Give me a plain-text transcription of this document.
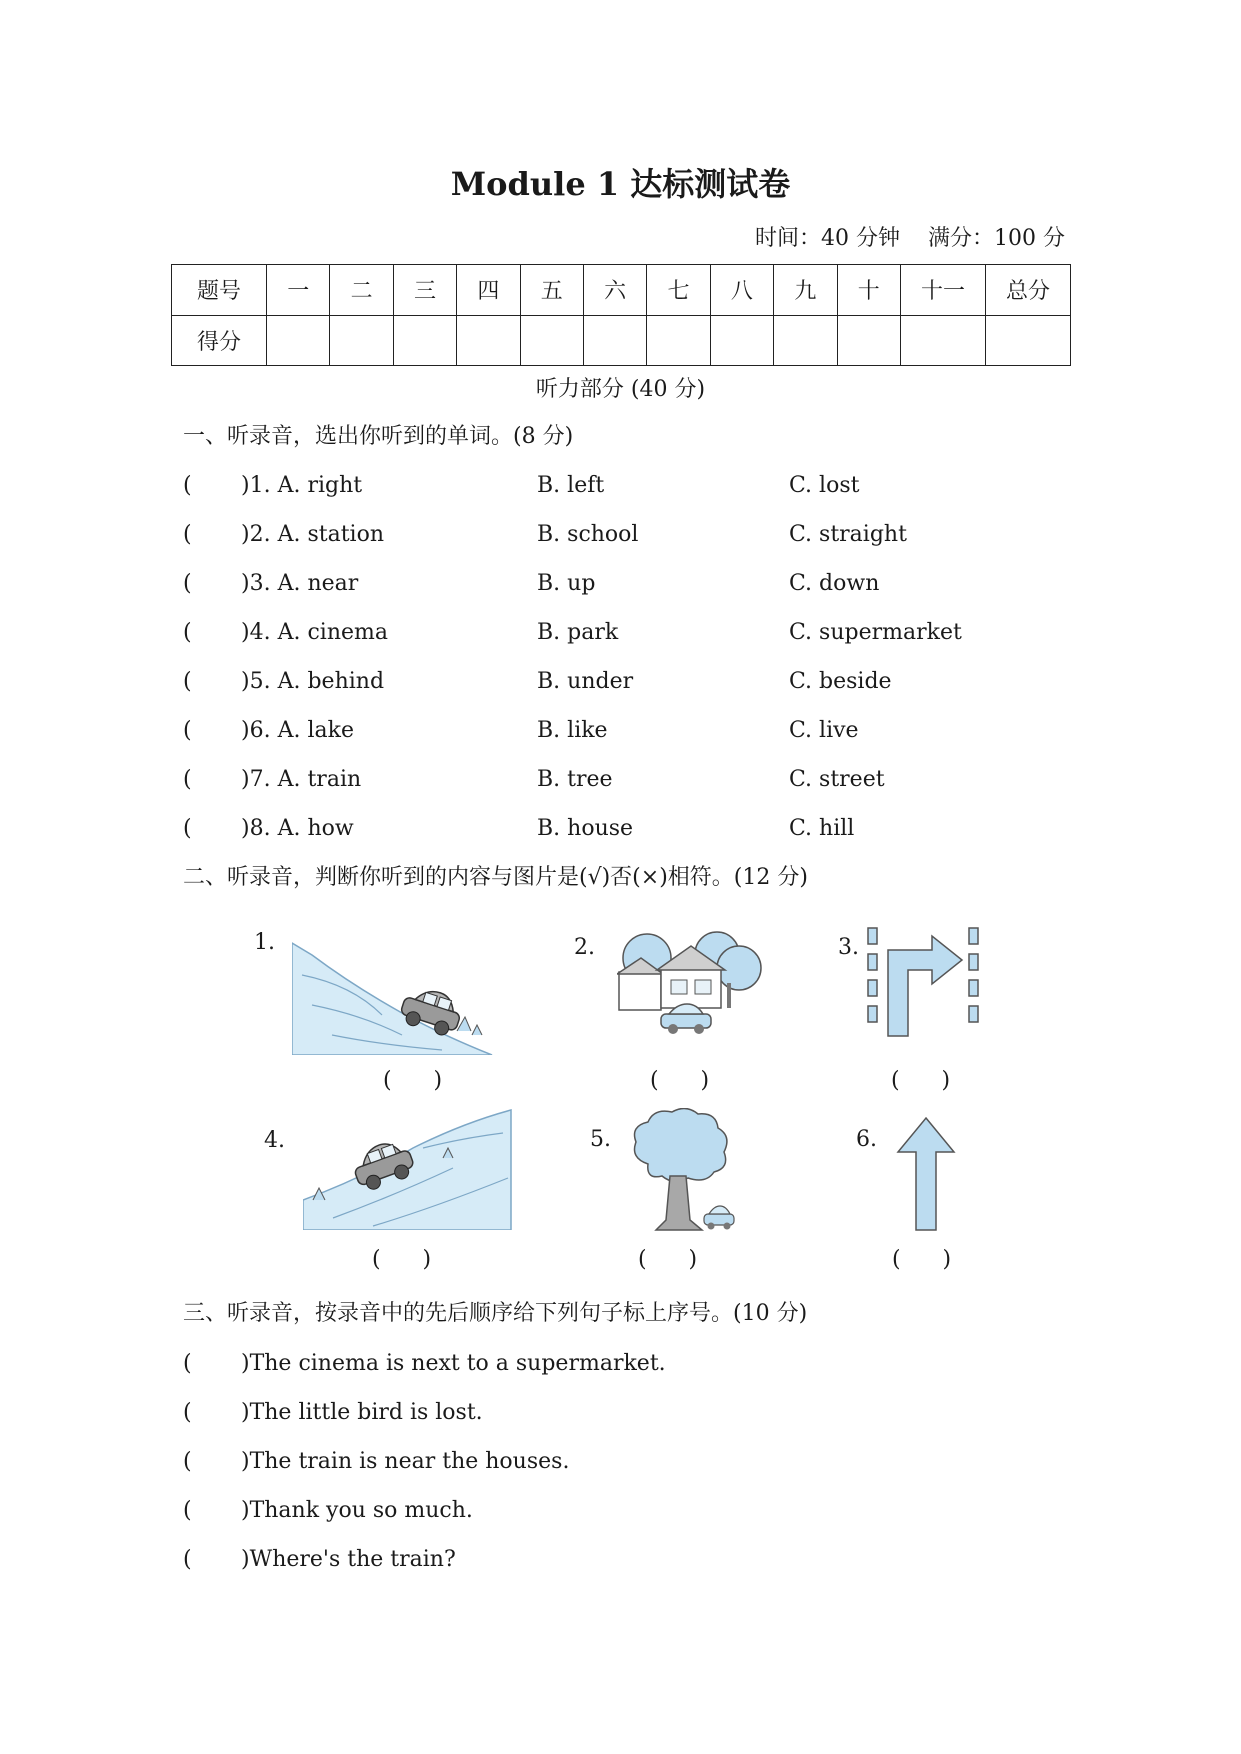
Module 1 达标测试卷
时间：40 分钟    满分：100 分
题号	一	二	三	四	五	六	七	八	九	十	十一	总分
得分												
听力部分 (40 分)
一、听录音，选出你听到的单词。(8 分)
( )1. A. right	B. left	C. lost
( )2. A. station	B. school	C. straight
( )3. A. near	B. up	C. down
( )4. A. cinema	B. park	C. supermarket
( )5. A. behind	B. under	C. beside
( )6. A. lake	B. like	C. live
( )7. A. train	B. tree	C. street
( )8. A. how	B. house	C. hill
二、听录音，判断你听到的内容与图片是(√)否(×)相符。(12 分)
1.
(      )
2.
(      )
3.
(      )
4.
(      )
5.
(      )
6.
(      )
三、听录音，按录音中的先后顺序给下列句子标上序号。(10 分)
( )The cinema is next to a supermarket.
( )The little bird is lost.
( )The train is near the houses.
( )Thank you so much.
( )Where's the train?
